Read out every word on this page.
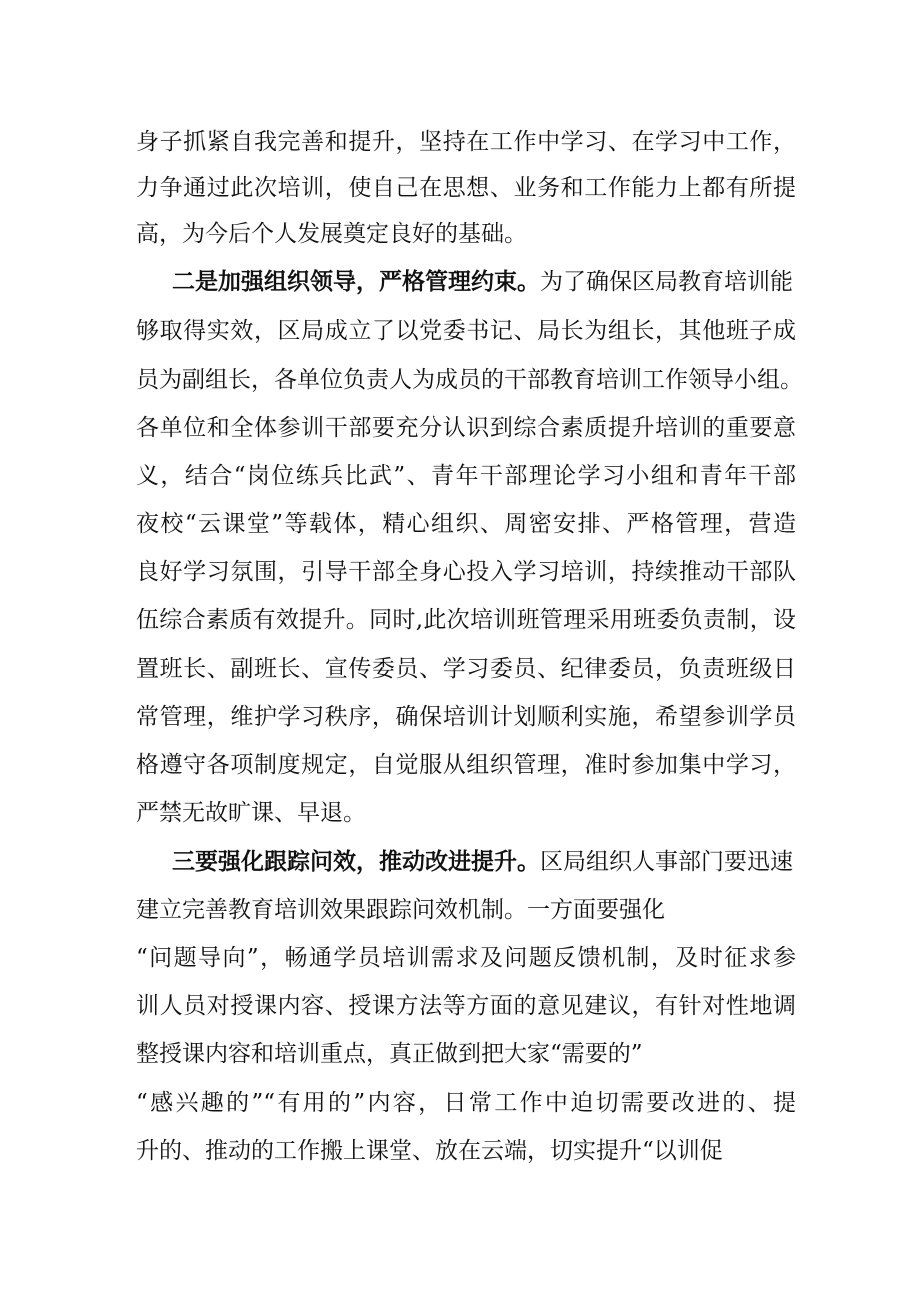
身子抓紧自我完善和提升，坚持在工作中学习、在学习中工作，
力争通过此次培训，使自己在思想、业务和工作能力上都有所提
高，为今后个人发展奠定良好的基础。
二是加强组织领导，严格管理约束。为了确保区局教育培训能
够取得实效，区局成立了以党委书记、局长为组长，其他班子成
员为副组长，各单位负责人为成员的干部教育培训工作领导小组。
各单位和全体参训干部要充分认识到综合素质提升培训的重要意
义，结合“岗位练兵比武”、青年干部理论学习小组和青年干部
夜校“云课堂”等载体，精心组织、周密安排、严格管理，营造
良好学习氛围，引导干部全身心投入学习培训，持续推动干部队
伍综合素质有效提升。同时,此次培训班管理采用班委负责制，设
置班长、副班长、宣传委员、学习委员、纪律委员，负责班级日
常管理，维护学习秩序，确保培训计划顺利实施，希望参训学员
格遵守各项制度规定，自觉服从组织管理，准时参加集中学习，
严禁无故旷课、早退。
三要强化跟踪问效，推动改进提升。区局组织人事部门要迅速
建立完善教育培训效果跟踪问效机制。一方面要强化
“问题导向”，畅通学员培训需求及问题反馈机制，及时征求参
训人员对授课内容、授课方法等方面的意见建议，有针对性地调
整授课内容和培训重点，真正做到把大家“需要的”
“感兴趣的”“有用的”内容，日常工作中迫切需要改进的、提
升的、推动的工作搬上课堂、放在云端，切实提升“以训促
